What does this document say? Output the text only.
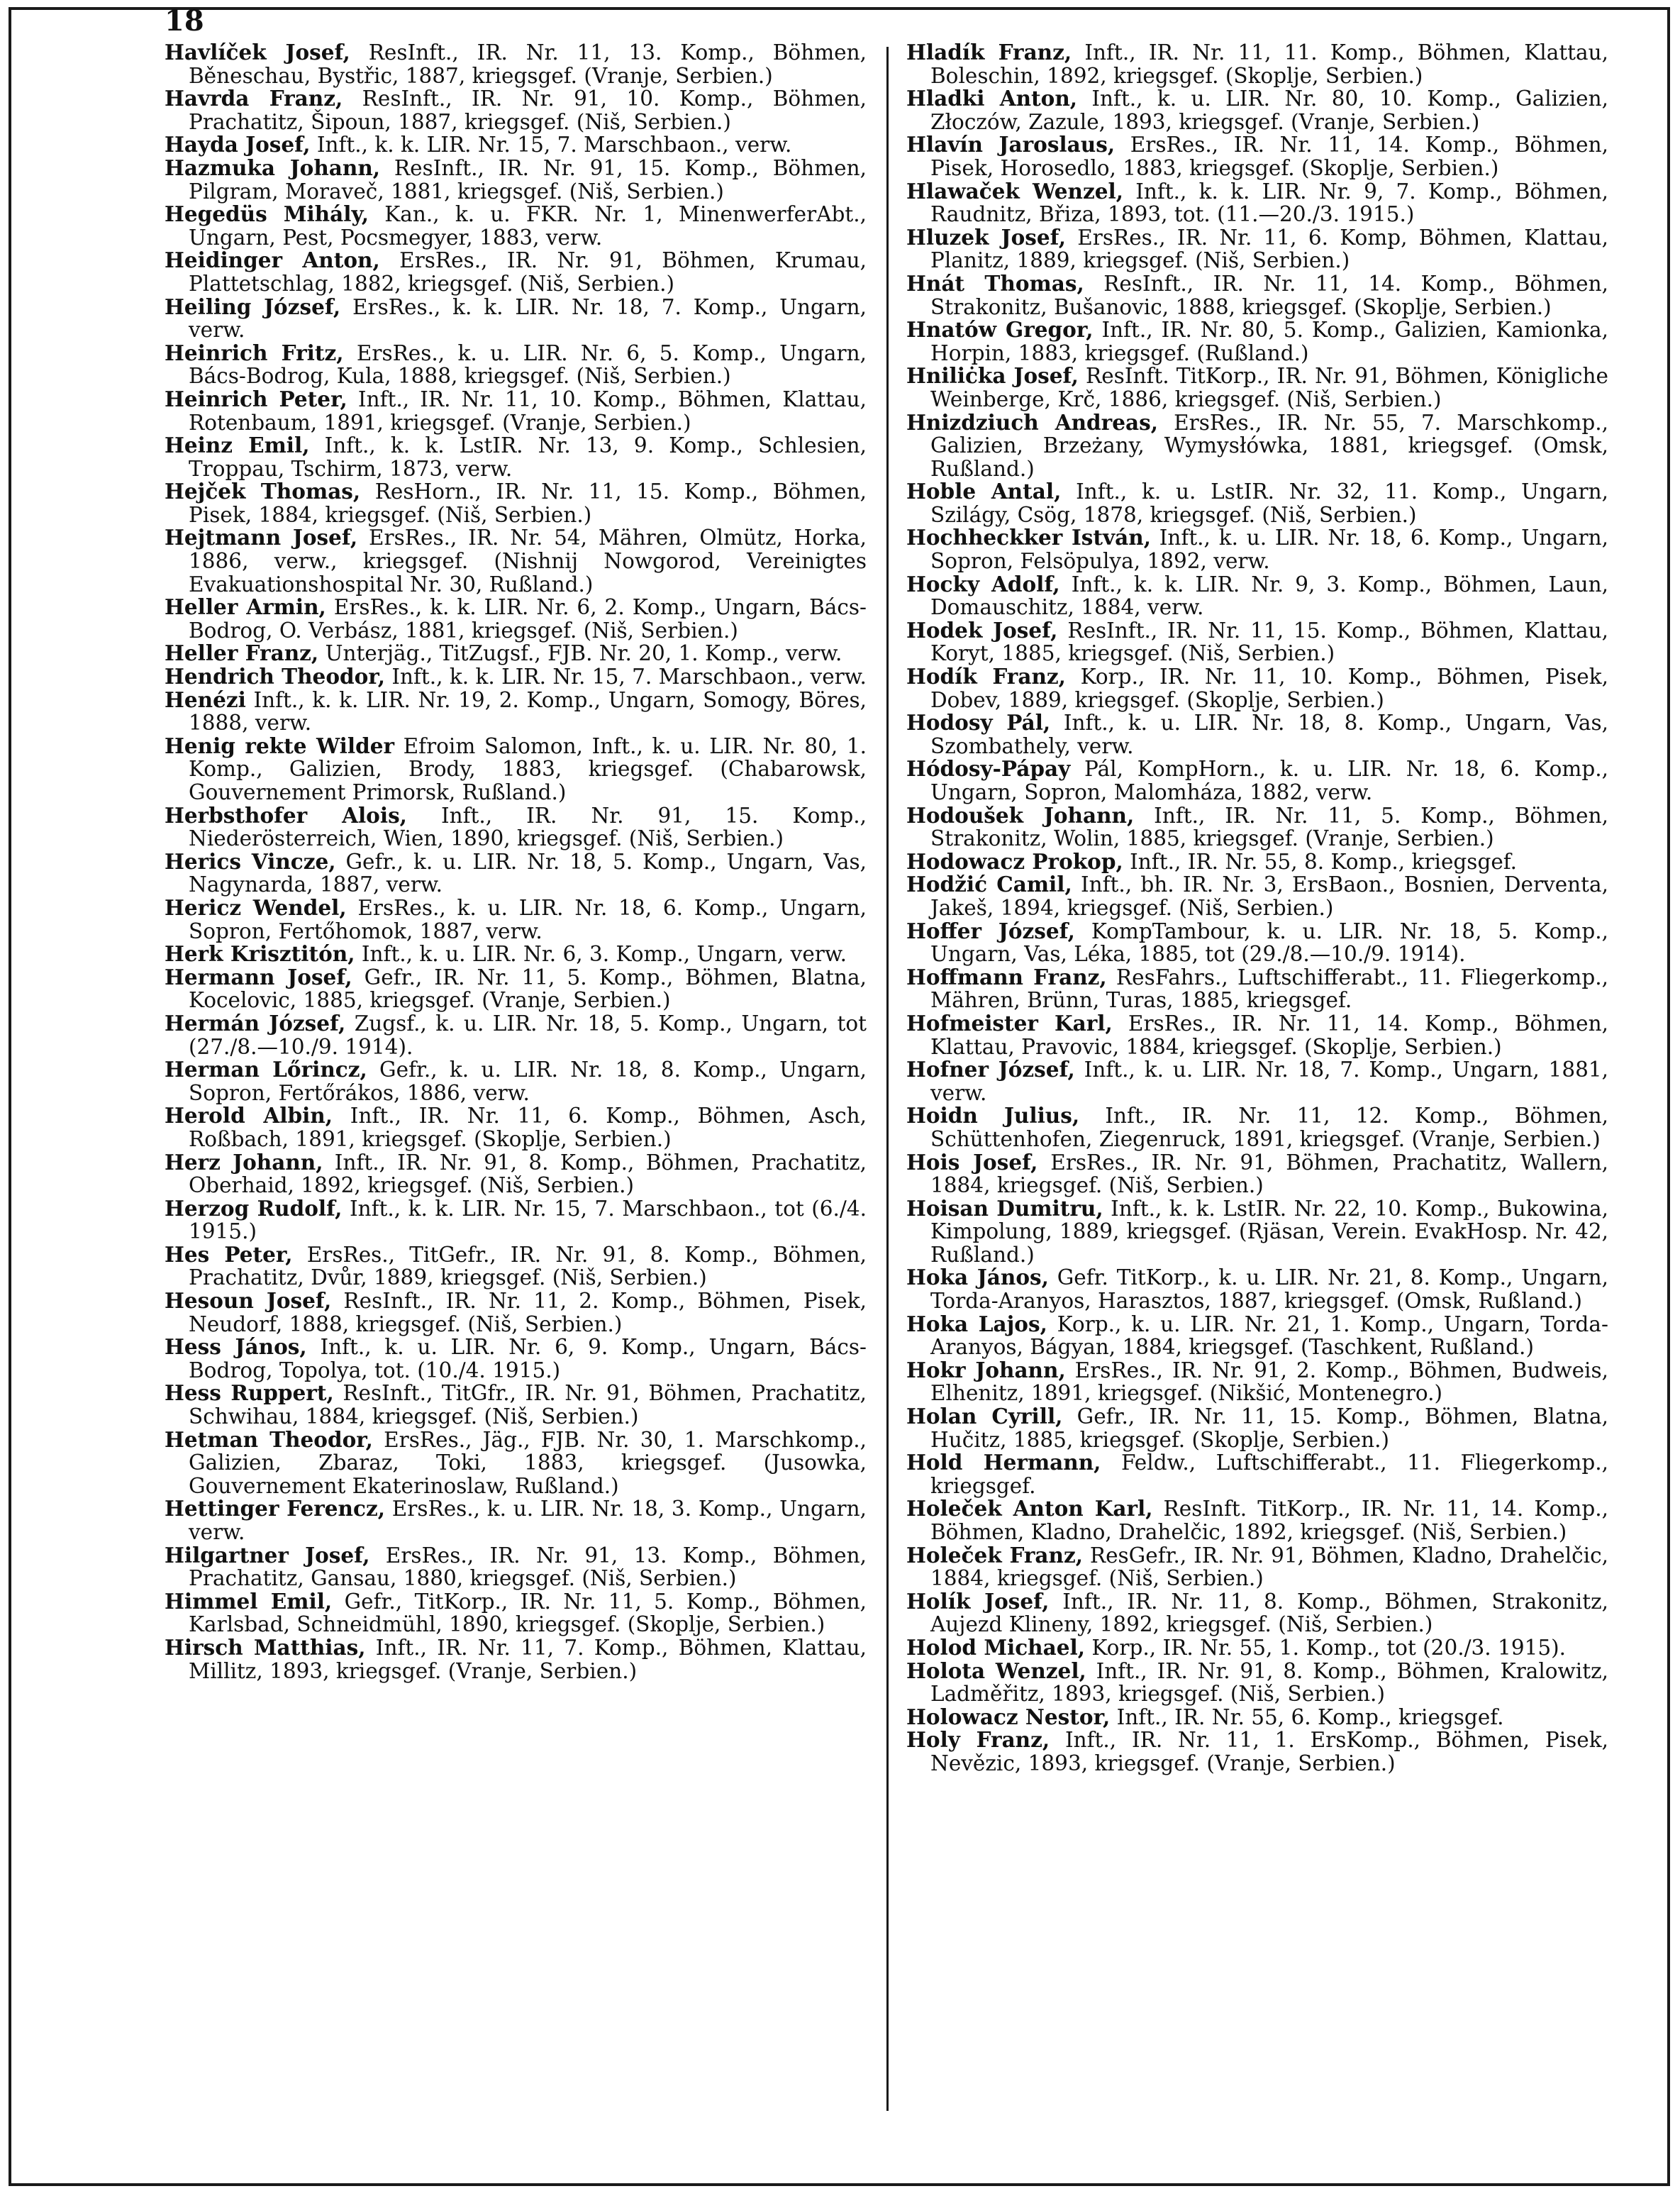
18

Havlíček Josef, ResInft., IR. Nr. 11, 13. Komp., Böhmen, Běneschau, Bystřic, 1887, kriegsgef. (Vranje, Serbien.)

Havrda Franz, ResInft., IR. Nr. 91, 10. Komp., Böhmen, Prachatitz, Šipoun, 1887, kriegsgef. (Niš, Serbien.)

Hayda Josef, Inft., k. k. LIR. Nr. 15, 7. Marschbaon., verw.

Hazmuka Johann, ResInft., IR. Nr. 91, 15. Komp., Böhmen, Pilgram, Moraveč, 1881, kriegsgef. (Niš, Serbien.)

Hegedüs Mihály, Kan., k. u. FKR. Nr. 1, MinenwerferAbt., Ungarn, Pest, Pocsmegyer, 1883, verw.

Heidinger Anton, ErsRes., IR. Nr. 91, Böhmen, Krumau, Plattetschlag, 1882, kriegsgef. (Niš, Serbien.)

Heiling József, ErsRes., k. k. LIR. Nr. 18, 7. Komp., Ungarn, verw.

Heinrich Fritz, ErsRes., k. u. LIR. Nr. 6, 5. Komp., Ungarn, Bács-Bodrog, Kula, 1888, kriegsgef. (Niš, Serbien.)

Heinrich Peter, Inft., IR. Nr. 11, 10. Komp., Böhmen, Klattau, Rotenbaum, 1891, kriegsgef. (Vranje, Serbien.)

Heinz Emil, Inft., k. k. LstIR. Nr. 13, 9. Komp., Schlesien, Troppau, Tschirm, 1873, verw.

Hejček Thomas, ResHorn., IR. Nr. 11, 15. Komp., Böhmen, Pisek, 1884, kriegsgef. (Niš, Serbien.)

Hejtmann Josef, ErsRes., IR. Nr. 54, Mähren, Olmütz, Horka, 1886, verw., kriegsgef. (Nishnij Nowgorod, Vereinigtes Evakuationshospital Nr. 30, Rußland.)

Heller Armin, ErsRes., k. k. LIR. Nr. 6, 2. Komp., Ungarn, Bács-Bodrog, O. Verbász, 1881, kriegsgef. (Niš, Serbien.)

Heller Franz, Unterjäg., TitZugsf., FJB. Nr. 20, 1. Komp., verw.

Hendrich Theodor, Inft., k. k. LIR. Nr. 15, 7. Marschbaon., verw.

Henézi Inft., k. k. LIR. Nr. 19, 2. Komp., Ungarn, Somogy, Böres, 1888, verw.

Henig rekte Wilder Efroim Salomon, Inft., k. u. LIR. Nr. 80, 1. Komp., Galizien, Brody, 1883, kriegsgef. (Chabarowsk, Gouvernement Primorsk, Rußland.)

Herbsthofer Alois, Inft., IR. Nr. 91, 15. Komp., Niederösterreich, Wien, 1890, kriegsgef. (Niš, Serbien.)

Herics Vincze, Gefr., k. u. LIR. Nr. 18, 5. Komp., Ungarn, Vas, Nagynarda, 1887, verw.

Hericz Wendel, ErsRes., k. u. LIR. Nr. 18, 6. Komp., Ungarn, Sopron, Fertőhomok, 1887, verw.

Herk Krisztitón, Inft., k. u. LIR. Nr. 6, 3. Komp., Ungarn, verw.

Hermann Josef, Gefr., IR. Nr. 11, 5. Komp., Böhmen, Blatna, Kocelovic, 1885, kriegsgef. (Vranje, Serbien.)

Hermán József, Zugsf., k. u. LIR. Nr. 18, 5. Komp., Ungarn, tot (27./8.—10./9. 1914).

Herman Lőrincz, Gefr., k. u. LIR. Nr. 18, 8. Komp., Ungarn, Sopron, Fertőrákos, 1886, verw.

Herold Albin, Inft., IR. Nr. 11, 6. Komp., Böhmen, Asch, Roßbach, 1891, kriegsgef. (Skoplje, Serbien.)

Herz Johann, Inft., IR. Nr. 91, 8. Komp., Böhmen, Prachatitz, Oberhaid, 1892, kriegsgef. (Niš, Serbien.)

Herzog Rudolf, Inft., k. k. LIR. Nr. 15, 7. Marschbaon., tot (6./4. 1915.)

Hes Peter, ErsRes., TitGefr., IR. Nr. 91, 8. Komp., Böhmen, Prachatitz, Dvůr, 1889, kriegsgef. (Niš, Serbien.)

Hesoun Josef, ResInft., IR. Nr. 11, 2. Komp., Böhmen, Pisek, Neudorf, 1888, kriegsgef. (Niš, Serbien.)

Hess János, Inft., k. u. LIR. Nr. 6, 9. Komp., Ungarn, Bács-Bodrog, Topolya, tot. (10./4. 1915.)

Hess Ruppert, ResInft., TitGfr., IR. Nr. 91, Böhmen, Prachatitz, Schwihau, 1884, kriegsgef. (Niš, Serbien.)

Hetman Theodor, ErsRes., Jäg., FJB. Nr. 30, 1. Marschkomp., Galizien, Zbaraz, Toki, 1883, kriegsgef. (Jusowka, Gouvernement Ekaterinoslaw, Rußland.)

Hettinger Ferencz, ErsRes., k. u. LIR. Nr. 18, 3. Komp., Ungarn, verw.

Hilgartner Josef, ErsRes., IR. Nr. 91, 13. Komp., Böhmen, Prachatitz, Gansau, 1880, kriegsgef. (Niš, Serbien.)

Himmel Emil, Gefr., TitKorp., IR. Nr. 11, 5. Komp., Böhmen, Karlsbad, Schneidmühl, 1890, kriegsgef. (Skoplje, Serbien.)

Hirsch Matthias, Inft., IR. Nr. 11, 7. Komp., Böhmen, Klattau, Millitz, 1893, kriegsgef. (Vranje, Serbien.)

Hladík Franz, Inft., IR. Nr. 11, 11. Komp., Böhmen, Klattau, Boleschin, 1892, kriegsgef. (Skoplje, Serbien.)

Hladki Anton, Inft., k. u. LIR. Nr. 80, 10. Komp., Galizien, Złoczów, Zazule, 1893, kriegsgef. (Vranje, Serbien.)

Hlavín Jaroslaus, ErsRes., IR. Nr. 11, 14. Komp., Böhmen, Pisek, Horosedlo, 1883, kriegsgef. (Skoplje, Serbien.)

Hlawaček Wenzel, Inft., k. k. LIR. Nr. 9, 7. Komp., Böhmen, Raudnitz, Břiza, 1893, tot. (11.—20./3. 1915.)

Hluzek Josef, ErsRes., IR. Nr. 11, 6. Komp, Böhmen, Klattau, Planitz, 1889, kriegsgef. (Niš, Serbien.)

Hnát Thomas, ResInft., IR. Nr. 11, 14. Komp., Böhmen, Strakonitz, Bušanovic, 1888, kriegsgef. (Skoplje, Serbien.)

Hnatów Gregor, Inft., IR. Nr. 80, 5. Komp., Galizien, Kamionka, Horpin, 1883, kriegsgef. (Rußland.)

Hniliċka Josef, ResInft. TitKorp., IR. Nr. 91, Böhmen, Königliche Weinberge, Krč, 1886, kriegsgef. (Niš, Serbien.)

Hnizdziuch Andreas, ErsRes., IR. Nr. 55, 7. Marschkomp., Galizien, Brzeżany, Wymysłówka, 1881, kriegsgef. (Omsk, Rußland.)

Hoble Antal, Inft., k. u. LstIR. Nr. 32, 11. Komp., Ungarn, Szilágy, Csög, 1878, kriegsgef. (Niš, Serbien.)

Hochheckker István, Inft., k. u. LIR. Nr. 18, 6. Komp., Ungarn, Sopron, Felsöpulya, 1892, verw.

Hocky Adolf, Inft., k. k. LIR. Nr. 9, 3. Komp., Böhmen, Laun, Domauschitz, 1884, verw.

Hodek Josef, ResInft., IR. Nr. 11, 15. Komp., Böhmen, Klattau, Koryt, 1885, kriegsgef. (Niš, Serbien.)

Hodík Franz, Korp., IR. Nr. 11, 10. Komp., Böhmen, Pisek, Dobev, 1889, kriegsgef. (Skoplje, Serbien.)

Hodosy Pál, Inft., k. u. LIR. Nr. 18, 8. Komp., Ungarn, Vas, Szombathely, verw.

Hódosy-Pápay Pál, KompHorn., k. u. LIR. Nr. 18, 6. Komp., Ungarn, Sopron, Malomháza, 1882, verw.

Hodoušek Johann, Inft., IR. Nr. 11, 5. Komp., Böhmen, Strakonitz, Wolin, 1885, kriegsgef. (Vranje, Serbien.)

Hodowacz Prokop, Inft., IR. Nr. 55, 8. Komp., kriegsgef.

Hodžić Camil, Inft., bh. IR. Nr. 3, ErsBaon., Bosnien, Derventa, Jakeš, 1894, kriegsgef. (Niš, Serbien.)

Hoffer József, KompTambour, k. u. LIR. Nr. 18, 5. Komp., Ungarn, Vas, Léka, 1885, tot (29./8.—10./9. 1914).

Hoffmann Franz, ResFahrs., Luftschifferabt., 11. Fliegerkomp., Mähren, Brünn, Turas, 1885, kriegsgef.

Hofmeister Karl, ErsRes., IR. Nr. 11, 14. Komp., Böhmen, Klattau, Pravovic, 1884, kriegsgef. (Skoplje, Serbien.)

Hofner József, Inft., k. u. LIR. Nr. 18, 7. Komp., Ungarn, 1881, verw.

Hoidn Julius, Inft., IR. Nr. 11, 12. Komp., Böhmen, Schüttenhofen, Ziegenruck, 1891, kriegsgef. (Vranje, Serbien.)

Hois Josef, ErsRes., IR. Nr. 91, Böhmen, Prachatitz, Wallern, 1884, kriegsgef. (Niš, Serbien.)

Hoisan Dumitru, Inft., k. k. LstIR. Nr. 22, 10. Komp., Bukowina, Kimpolung, 1889, kriegsgef. (Rjäsan, Verein. EvakHosp. Nr. 42, Rußland.)

Hoka János, Gefr. TitKorp., k. u. LIR. Nr. 21, 8. Komp., Ungarn, Torda-Aranyos, Harasztos, 1887, kriegsgef. (Omsk, Rußland.)

Hoka Lajos, Korp., k. u. LIR. Nr. 21, 1. Komp., Ungarn, Torda-Aranyos, Bágyan, 1884, kriegsgef. (Taschkent, Rußland.)

Hokr Johann, ErsRes., IR. Nr. 91, 2. Komp., Böhmen, Budweis, Elhenitz, 1891, kriegsgef. (Nikšić, Montenegro.)

Holan Cyrill, Gefr., IR. Nr. 11, 15. Komp., Böhmen, Blatna, Hučitz, 1885, kriegsgef. (Skoplje, Serbien.)

Hold Hermann, Feldw., Luftschifferabt., 11. Fliegerkomp., kriegsgef.

Holeček Anton Karl, ResInft. TitKorp., IR. Nr. 11, 14. Komp., Böhmen, Kladno, Drahelčic, 1892, kriegsgef. (Niš, Serbien.)

Holeček Franz, ResGefr., IR. Nr. 91, Böhmen, Kladno, Drahelčic, 1884, kriegsgef. (Niš, Serbien.)

Holík Josef, Inft., IR. Nr. 11, 8. Komp., Böhmen, Strakonitz, Aujezd Klineny, 1892, kriegsgef. (Niš, Serbien.)

Holod Michael, Korp., IR. Nr. 55, 1. Komp., tot (20./3. 1915).

Holota Wenzel, Inft., IR. Nr. 91, 8. Komp., Böhmen, Kralowitz, Ladměřitz, 1893, kriegsgef. (Niš, Serbien.)

Holowacz Nestor, Inft., IR. Nr. 55, 6. Komp., kriegsgef.

Holy Franz, Inft., IR. Nr. 11, 1. ErsKomp., Böhmen, Pisek, Nevězic, 1893, kriegsgef. (Vranje, Serbien.)
